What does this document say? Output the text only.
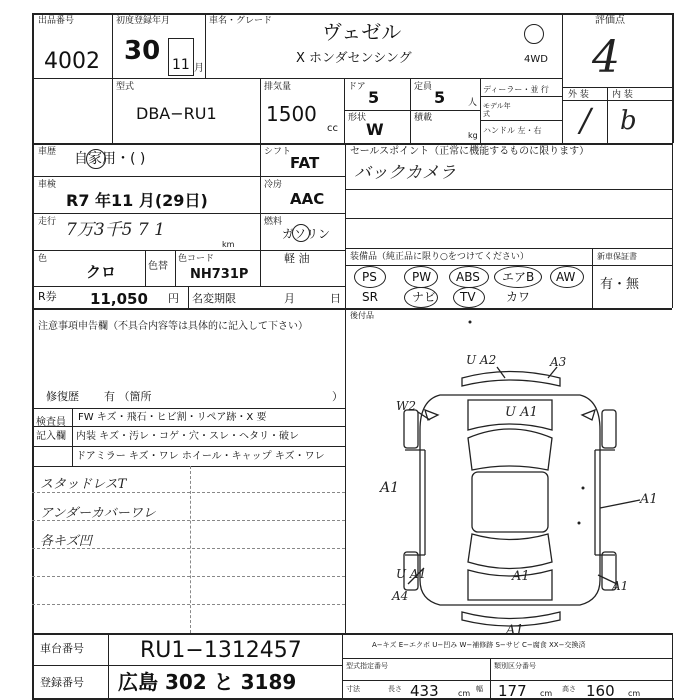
出品番号
4002
初度登録年月
30 11 月
車名・グレード ヴェゼル
X ホンダセンシング	4WD
評価点
4
型式
DBA−RU1
排気量
1500
cc
ドア
5
定員
5	人
形状
W
積載
kg
ディーラー・並 行
モデル年式
ハンドル 左・右
外 装	内 装
/ b
車歴 自家用・( )	シフト
FAT
車検
R7 年11 月(29日)
冷房
AAC
走行 7万3千5 7 1
km
燃料
ガソリン
色
クロ	色替
色コード
NH731P
軽 油
R券 11,050 円 名変期限	月	日
セールスポイント（正常に機能するものに限ります）
バックカメラ
装備品（純正品に限り○をつけてください）	新車保証書
有・無
PS	PW ABS エアB AW
SR	ナビ TV	カワ
後付品
注意事項申告欄（不具合内容等は具体的に記入して下さい）
修復歴 有 （箇所	）
検査員
記入欄
FW キズ・飛石・ヒビ割・リペア跡・X 要
内装 キズ・汚レ・コゲ・穴・スレ・ヘタリ・破レ
ドアミラー キズ・ワレ ホイール・キャップ キズ・ワレ
スタッドレスT
アンダーカバーワレ
各キズ凹
U A2	A3
W2	U A1
A1
A1
A1
U A1
A1
A4
A1
A−キズ E−エクボ U−凹み W−補修跡 S−サビ C−腐食 XX−交換済
車台番号	RU1−1312457
登録番号 広島 302 と 3189
型式指定番号	類別区分番号
寸法	長さ 433 cm 幅 177 cm 高さ 160 cm
